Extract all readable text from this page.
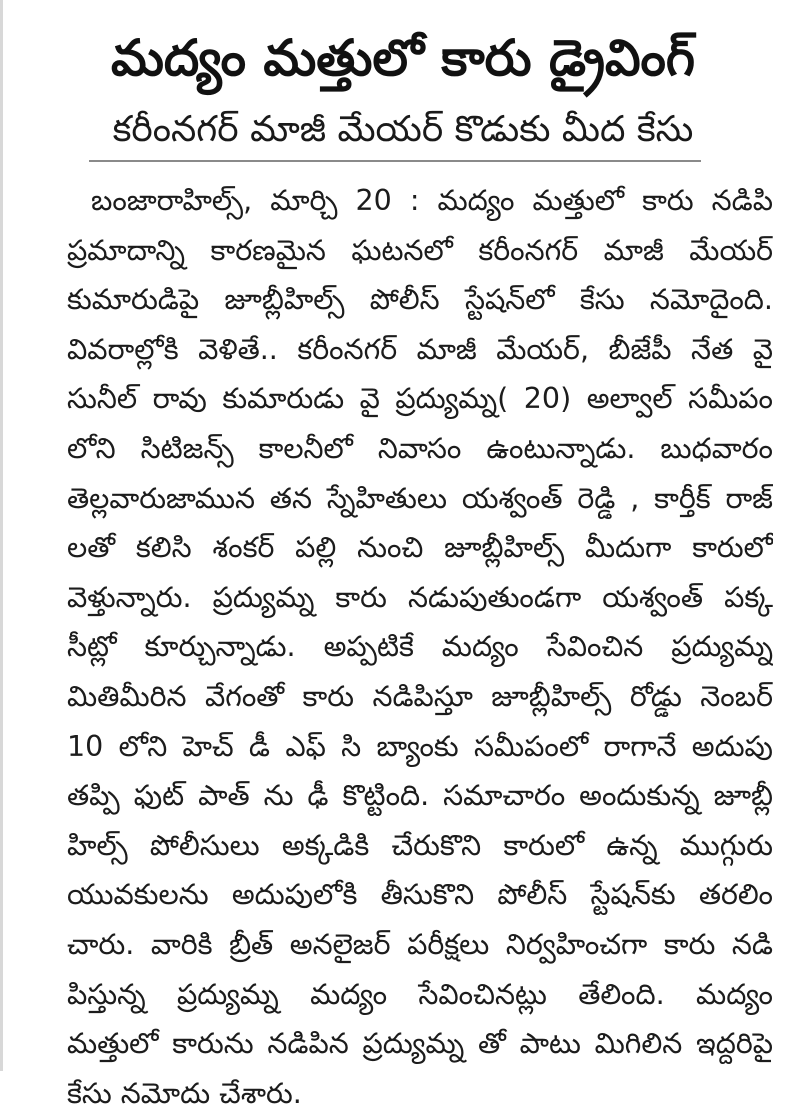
మద్యం మత్తులో కారు డ్రైవింగ్
కరీంనగర్ మాజీ మేయర్ కొడుకు మీద కేసు
బంజారాహిల్స్, మార్చి 20 : మద్యం మత్తులో కారు నడిపి
ప్రమాదాన్ని కారణమైన ఘటనలో కరీంనగర్ మాజీ మేయర్
కుమారుడిపై జూబ్లీహిల్స్ పోలీస్ స్టేషన్‌లో కేసు నమోదైంది.
వివరాల్లోకి వెళితే.. కరీంనగర్ మాజీ మేయర్, బీజేపీ నేత వై
సునీల్ రావు కుమారుడు వై ప్రద్యుమ్న( 20) అల్వాల్ సమీపం
లోని సిటిజన్స్ కాలనీలో నివాసం ఉంటున్నాడు. బుధవారం
తెల్లవారుజామున తన స్నేహితులు యశ్వంత్ రెడ్డి , కార్తీక్ రాజ్
లతో కలిసి శంకర్ పల్లి నుంచి జూబ్లీహిల్స్ మీదుగా కారులో
వెళ్తున్నారు. ప్రద్యుమ్న కారు నడుపుతుండగా యశ్వంత్ పక్క
సీట్లో కూర్చున్నాడు. అప్పటికే మద్యం సేవించిన ప్రద్యుమ్న
మితిమీరిన వేగంతో కారు నడిపిస్తూ జూబ్లీహిల్స్ రోడ్డు నెంబర్
10 లోని హెచ్ డీ ఎఫ్ సి బ్యాంకు సమీపంలో రాగానే అదుపు
తప్పి ఫుట్ పాత్ ను ఢీ కొట్టింది. సమాచారం అందుకున్న జూబ్లీ
హిల్స్ పోలీసులు అక్కడికి చేరుకొని కారులో ఉన్న ముగ్గురు
యువకులను అదుపులోకి తీసుకొని పోలీస్ స్టేషన్‌కు తరలిం
చారు. వారికి బ్రీత్ అనలైజర్ పరీక్షలు నిర్వహించగా కారు నడి
పిస్తున్న ప్రద్యుమ్న మద్యం సేవించినట్లు తేలింది. మద్యం
మత్తులో కారును నడిపిన ప్రద్యుమ్న తో పాటు మిగిలిన ఇద్దరిపై
కేసు నమోదు చేశారు.
